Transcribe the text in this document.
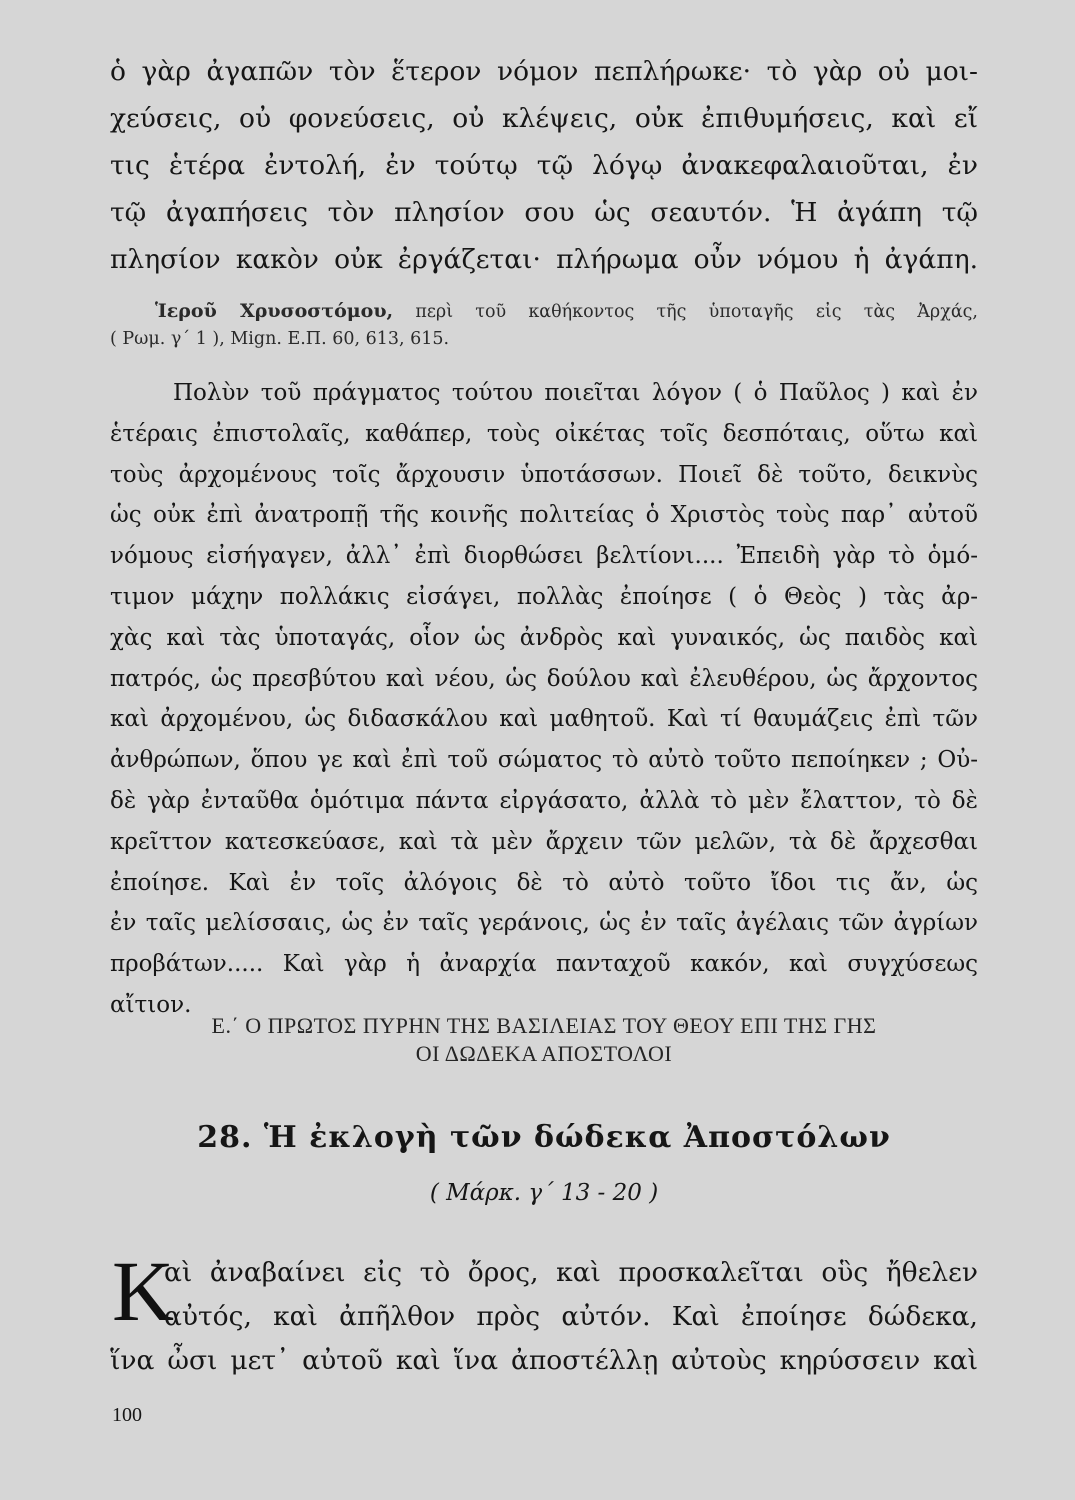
ὁ γὰρ ἀγαπῶν τὸν ἕτερον νόμον πεπλήρωκε· τὸ γὰρ οὐ μοι-
χεύσεις, οὐ φονεύσεις, οὐ κλέψεις, οὐκ ἐπιθυμήσεις, καὶ εἴ
τις ἑτέρα ἐντολή, ἐν τούτῳ τῷ λόγῳ ἀνακεφαλαιοῦται, ἐν
τῷ ἀγαπήσεις τὸν πλησίον σου ὡς σεαυτόν. Ἡ ἀγάπη τῷ
πλησίον κακὸν οὐκ ἐργάζεται· πλήρωμα οὖν νόμου ἡ ἀγάπη.
Ἱεροῦ Χρυσοστόμου, περὶ τοῦ καθήκοντος τῆς ὑποταγῆς εἰς τὰς Ἀρχάς,
( Ρωμ. γ΄ 1 ), Mign. Ε.Π. 60, 613, 615.
Πολὺν τοῦ πράγματος τούτου ποιεῖται λόγον ( ὁ Παῦλος ) καὶ ἐν
ἑτέραις ἐπιστολαῖς, καθάπερ, τοὺς οἰκέτας τοῖς δεσπόταις, οὕτω καὶ
τοὺς ἀρχομένους τοῖς ἄρχουσιν ὑποτάσσων. Ποιεῖ δὲ τοῦτο, δεικνὺς
ὡς οὐκ ἐπὶ ἀνατροπῇ τῆς κοινῆς πολιτείας ὁ Χριστὸς τοὺς παρ᾽ αὐτοῦ
νόμους εἰσήγαγεν, ἀλλ᾽ ἐπὶ διορθώσει βελτίονι.... Ἐπειδὴ γὰρ τὸ ὁμό-
τιμον μάχην πολλάκις εἰσάγει, πολλὰς ἐποίησε ( ὁ Θεὸς ) τὰς ἀρ-
χὰς καὶ τὰς ὑποταγάς, οἷον ὡς ἀνδρὸς καὶ γυναικός, ὡς παιδὸς καὶ
πατρός, ὡς πρεσβύτου καὶ νέου, ὡς δούλου καὶ ἐλευθέρου, ὡς ἄρχοντος
καὶ ἀρχομένου, ὡς διδασκάλου καὶ μαθητοῦ. Καὶ τί θαυμάζεις ἐπὶ τῶν
ἀνθρώπων, ὅπου γε καὶ ἐπὶ τοῦ σώματος τὸ αὐτὸ τοῦτο πεποίηκεν ; Οὐ-
δὲ γὰρ ἐνταῦθα ὁμότιμα πάντα εἰργάσατο, ἀλλὰ τὸ μὲν ἔλαττον, τὸ δὲ
κρεῖττον κατεσκεύασε, καὶ τὰ μὲν ἄρχειν τῶν μελῶν, τὰ δὲ ἄρχεσθαι
ἐποίησε. Καὶ ἐν τοῖς ἀλόγοις δὲ τὸ αὐτὸ τοῦτο ἴδοι τις ἄν, ὡς
ἐν ταῖς μελίσσαις, ὡς ἐν ταῖς γεράνοις, ὡς ἐν ταῖς ἀγέλαις τῶν ἀγρίων
προβάτων..... Καὶ γὰρ ἡ ἀναρχία πανταχοῦ κακόν, καὶ συγχύσεως
αἴτιον.
Ε.΄ Ο ΠΡΩΤΟΣ ΠΥΡΗΝ ΤΗΣ ΒΑΣΙΛΕΙΑΣ ΤΟΥ ΘΕΟΥ ΕΠΙ ΤΗΣ ΓΗΣ
ΟΙ ΔΩΔΕΚΑ ΑΠΟΣΤΟΛΟΙ
28. Ἡ ἐκλογὴ τῶν δώδεκα Ἀποστόλων
( Μάρκ. γ΄ 13 - 20 )
Κ
αὶ ἀναβαίνει εἰς τὸ ὄρος, καὶ προσκαλεῖται οὓς ἤθελεν
αὐτός, καὶ ἀπῆλθον πρὸς αὐτόν. Καὶ ἐποίησε δώδεκα,
ἵνα ὦσι μετ᾽ αὐτοῦ καὶ ἵνα ἀποστέλλῃ αὐτοὺς κηρύσσειν καὶ
100
